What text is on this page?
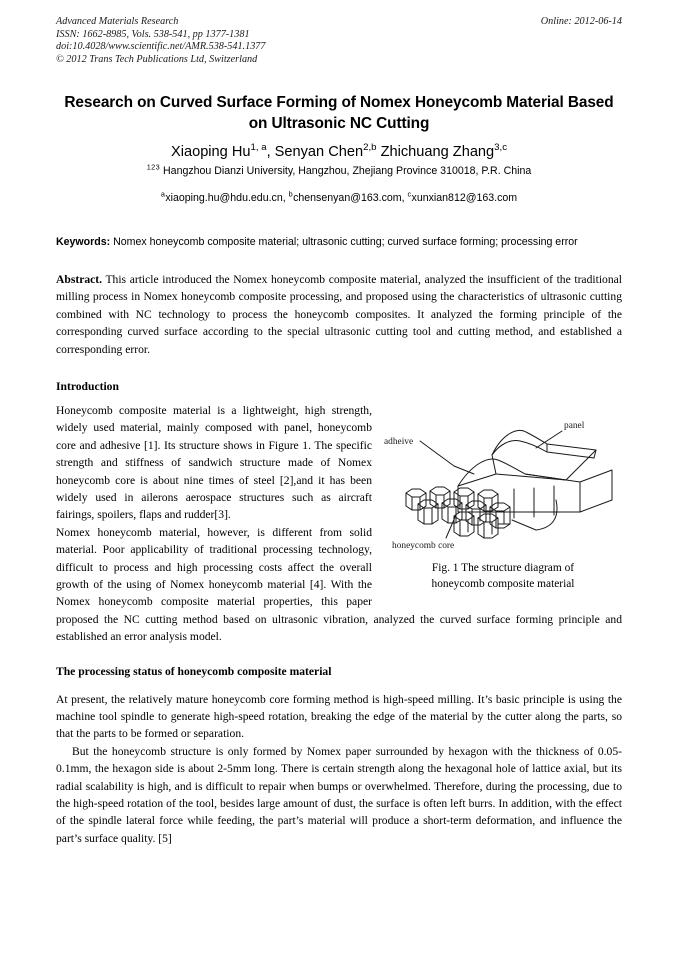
Online: 2012-06-14
Advanced Materials Research
ISSN: 1662-8985, Vols. 538-541, pp 1377-1381
doi:10.4028/www.scientific.net/AMR.538-541.1377
© 2012 Trans Tech Publications Ltd, Switzerland
Research on Curved Surface Forming of Nomex Honeycomb Material Based on Ultrasonic NC Cutting
Xiaoping Hu$^{1, a}$, Senyan Chen$^{2,b}$ Zhichuang Zhang$^{3,c}$
$^{123}$ Hangzhou Dianzi University, Hangzhou, Zhejiang Province 310018, P.R. China
$^a$xiaoping.hu@hdu.edu.cn, $^b$chensenyan@163.com, $^c$xunxian812@163.com
Keywords: Nomex honeycomb composite material; ultrasonic cutting; curved surface forming; processing error
Abstract. This article introduced the Nomex honeycomb composite material, analyzed the insufficient of the traditional milling process in Nomex honeycomb composite processing, and proposed using the characteristics of ultrasonic cutting combined with NC technology to process the honeycomb composites. It analyzed the forming principle of the corresponding curved surface according to the special ultrasonic cutting tool and cutting method, and established a corresponding error.
Introduction
panel
adheive
honeycomb core
Fig. 1 The structure diagram of
honeycomb composite material
Honeycomb composite material is a lightweight, high strength, widely used material, mainly composed with panel, honeycomb core and adhesive [1]. Its structure shows in Figure 1. The specific strength and stiffness of sandwich structure made of Nomex honeycomb core is about nine times of steel [2],and it has been widely used in ailerons aerospace structures such as aircraft fairings, spoilers, flaps and rudder[3].
Nomex honeycomb material, however, is different from solid material. Poor applicability of traditional processing technology, difficult to process and high processing costs affect the overall growth of the using of Nomex honeycomb material [4]. With the Nomex honeycomb composite material properties, this paper proposed the NC cutting method based on ultrasonic vibration, analyzed the curved surface forming principle and established an error analysis model.
The processing status of honeycomb composite material
At present, the relatively mature honeycomb core forming method is high-speed milling. It’s basic principle is using the machine tool spindle to generate high-speed rotation, breaking the edge of the material by the cutter along the parts, so that the parts to be formed or separation.
But the honeycomb structure is only formed by Nomex paper surrounded by hexagon with the thickness of 0.05-0.1mm, the hexagon side is about 2-5mm long. There is certain strength along the hexagonal hole of lattice axial, but its radial scalability is high, and is difficult to repair when bumps or overwhelmed. Therefore, during the processing, due to the high-speed rotation of the tool, besides large amount of dust, the surface is often left burrs. In addition, with the effect of the spindle lateral force while feeding, the part’s material will produce a short-term deformation, and influence the part’s surface quality. [5]
